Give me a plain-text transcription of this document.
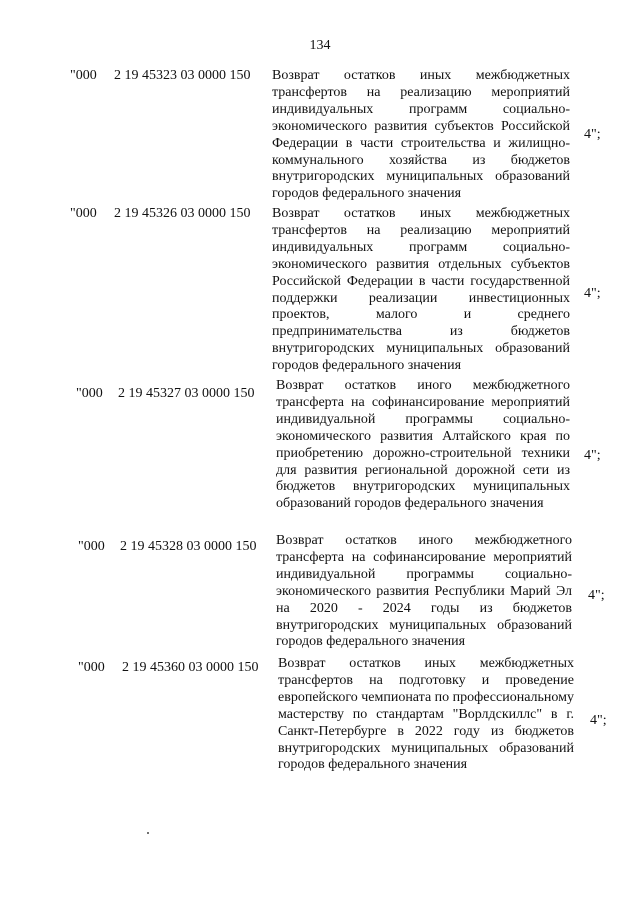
134
"000 2 19 45323 03 0000 150 Возврат остатков иных межбюджетных трансфертов на реализацию мероприятий индивидуальных программ социально-экономического развития субъектов Российской Федерации в части строительства и жилищно-коммунального хозяйства из бюджетов внутригородских муниципальных образований городов федерального значения
4";
"000 2 19 45326 03 0000 150 Возврат остатков иных межбюджетных трансфертов на реализацию мероприятий индивидуальных программ социально-экономического развития отдельных субъектов Российской Федерации в части государственной поддержки реализации инвестиционных проектов, малого и среднего предпринимательства из бюджетов внутригородских муниципальных образований городов федерального значения
4";
"000 2 19 45327 03 0000 150
Возврат остатков иного межбюджетного трансферта на софинансирование мероприятий индивидуальной программы социально-экономического развития Алтайского края по приобретению дорожно-строительной техники для развития региональной дорожной сети из бюджетов внутригородских муниципальных образований городов федерального значения
4";
"000 2 19 45328 03 0000 150 Возврат остатков иного межбюджетного трансферта на софинансирование мероприятий индивидуальной программы социально-экономического развития Республики Марий Эл на 2020 - 2024 годы из бюджетов внутригородских муниципальных образований городов федерального значения
4";
"000 2 19 45360 03 0000 150 Возврат остатков иных межбюджетных трансфертов на подготовку и проведение европейского чемпионата по профессиональному мастерству по стандартам "Ворлдскиллс" в г. Санкт-Петербурге в 2022 году из бюджетов внутригородских муниципальных образований городов федерального значения
4";
